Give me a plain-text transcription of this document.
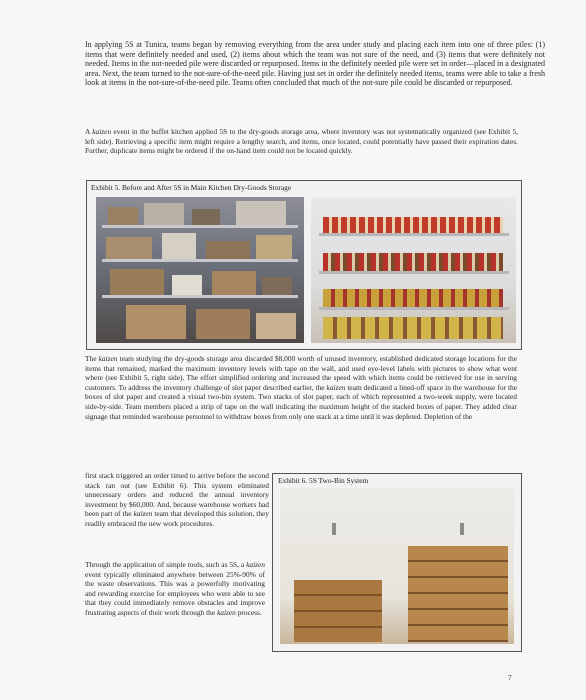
In applying 5S at Tunica, teams began by removing everything from the area under study and placing each item into one of three piles: (1) items that were definitely needed and used, (2) items about which the team was not sure of the need, and (3) items that were definitely not needed. Items in the not-needed pile were discarded or repurposed. Items in the definitely needed pile were set in order—placed in a designated area. Next, the team turned to the not-sure-of-the-need pile. Having just set in order the definitely needed items, teams were able to take a fresh look at items in the not-sure-of-the-need pile. Teams often concluded that much of the not-sure pile could be discarded or repurposed.
A kaizen event in the buffet kitchen applied 5S to the dry-goods storage area, where inventory was not systematically organized (see Exhibit 5, left side). Retrieving a specific item might require a lengthy search, and items, once located, could potentially have passed their expiration dates. Further, duplicate items might be ordered if the on-hand item could not be located quickly.
Exhibit 5. Before and After 5S in Main Kitchen Dry-Goods Storage
The kaizen team studying the dry-goods storage area discarded $8,000 worth of unused inventory, established dedicated storage locations for the items that remained, marked the maximum inventory levels with tape on the wall, and used eye-level labels with pictures to show what went where (see Exhibit 5, right side). The effort simplified ordering and increased the speed with which items could be retrieved for use in serving customers. To address the inventory challenge of slot paper described earlier, the kaizen team dedicated a lined-off space in the warehouse for the boxes of slot paper and created a visual two-bin system. Two stacks of slot paper, each of which represented a two-week supply, were located side-by-side. Team members placed a strip of tape on the wall indicating the maximum height of the stacked boxes of paper. They added clear signage that reminded warehouse personnel to withdraw boxes from only one stack at a time until it was depleted. Depletion of the
first stack triggered an order timed to arrive before the second stack ran out (see Exhibit 6). This system eliminated unnecessary orders and reduced the annual inventory investment by $60,000. And, because warehouse workers had been part of the kaizen team that developed this solution, they readily embraced the new work procedures.
Exhibit 6. 5S Two-Bin System
Through the application of simple tools, such as 5S, a kaizen event typically eliminated anywhere between 25%-90% of the waste observations. This was a powerfully motivating and rewarding exercise for employees who were able to see that they could immediately remove obstacles and improve frustrating aspects of their work through the kaizen process.
7
